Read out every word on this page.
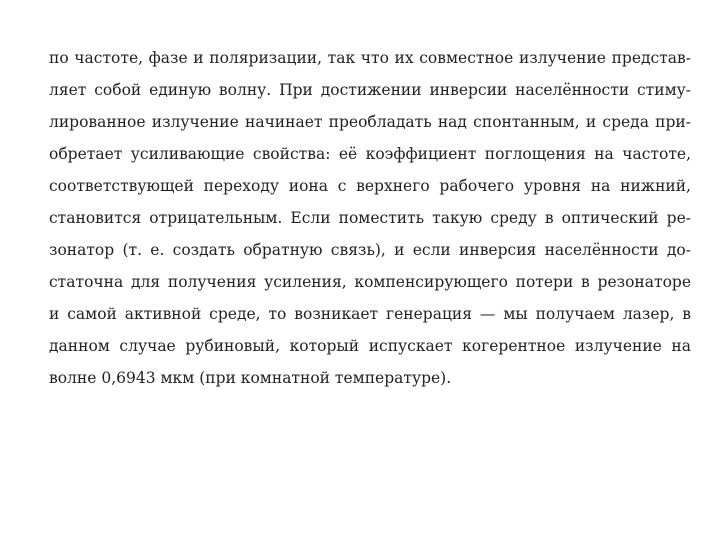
по частоте, фазе и поляризации, так что их совместное излучение представ-
ляет собой единую волну. При достижении инверсии населённости стиму-
лированное излучение начинает преобладать над спонтанным, и среда при-
обретает усиливающие свойства: её коэффициент поглощения на частоте,
соответствующей переходу иона с верхнего рабочего уровня на нижний,
становится отрицательным. Если поместить такую среду в оптический ре-
зонатор (т. е. создать обратную связь), и если инверсия населённости до-
статочна для получения усиления, компенсирующего потери в резонаторе
и самой активной среде, то возникает генерация — мы получаем лазер, в
данном случае рубиновый, который испускает когерентное излучение на
волне 0,6943 мкм (при комнатной температуре).
